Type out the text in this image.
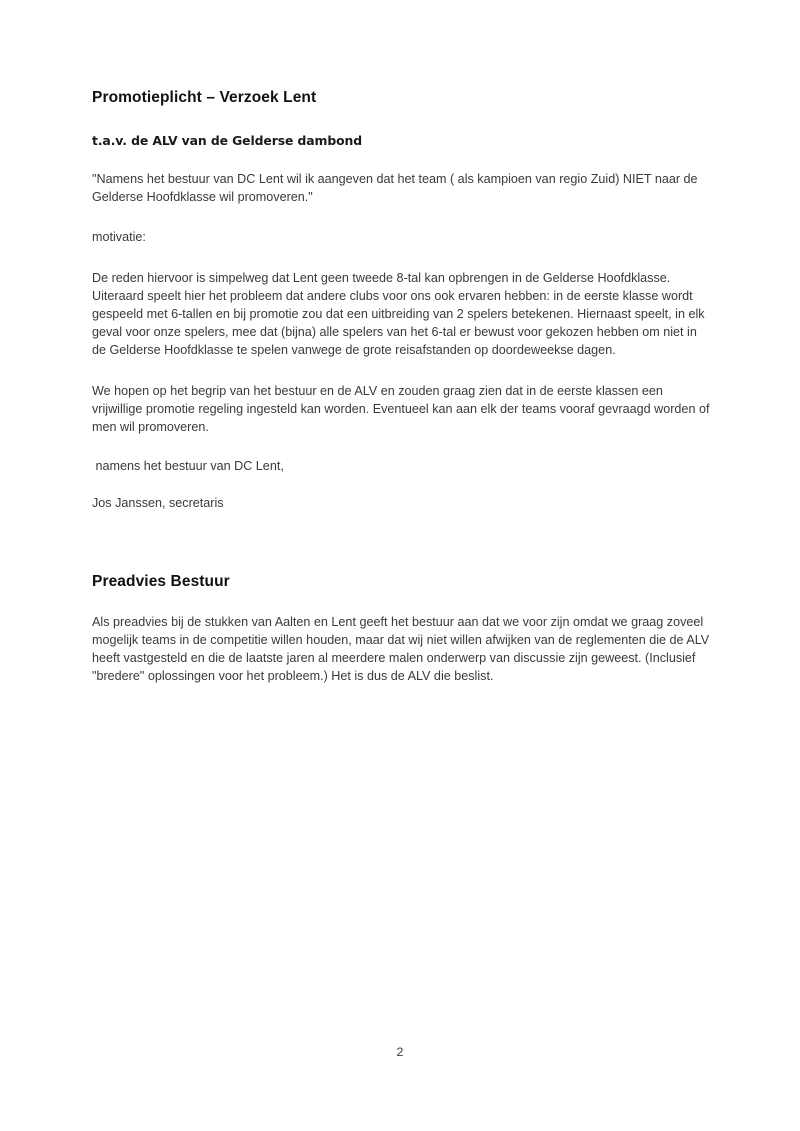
Promotieplicht – Verzoek Lent
t.a.v. de ALV van de Gelderse dambond

"Namens het bestuur van DC Lent wil ik aangeven dat het team ( als kampioen van regio Zuid) NIET naar de Gelderse Hoofdklasse wil promoveren."

motivatie:

De reden hiervoor is simpelweg dat Lent geen tweede 8-tal kan opbrengen in de Gelderse Hoofdklasse. Uiteraard speelt hier het probleem dat andere clubs voor ons ook ervaren hebben: in de eerste klasse wordt gespeeld met 6-tallen en bij promotie zou dat een uitbreiding van 2 spelers betekenen. Hiernaast speelt, in elk geval voor onze spelers, mee dat (bijna) alle spelers van het 6-tal er bewust voor gekozen hebben om niet in de Gelderse Hoofdklasse te spelen vanwege de grote reisafstanden op doordeweekse dagen.

We hopen op het begrip van het bestuur en de ALV en zouden graag zien dat in de eerste klassen een vrijwillige promotie regeling ingesteld kan worden. Eventueel kan aan elk der teams vooraf gevraagd worden of men wil promoveren.

namens het bestuur van DC Lent,

Jos Janssen, secretaris

Preadvies Bestuur

Als preadvies bij de stukken van Aalten en Lent geeft het bestuur aan dat we voor zijn omdat we graag zoveel mogelijk teams in de competitie willen houden, maar dat wij niet willen afwijken van de reglementen die de ALV heeft vastgesteld en die de laatste jaren al meerdere malen onderwerp van discussie zijn geweest. (Inclusief "bredere" oplossingen voor het probleem.) Het is dus de ALV die beslist.

2
